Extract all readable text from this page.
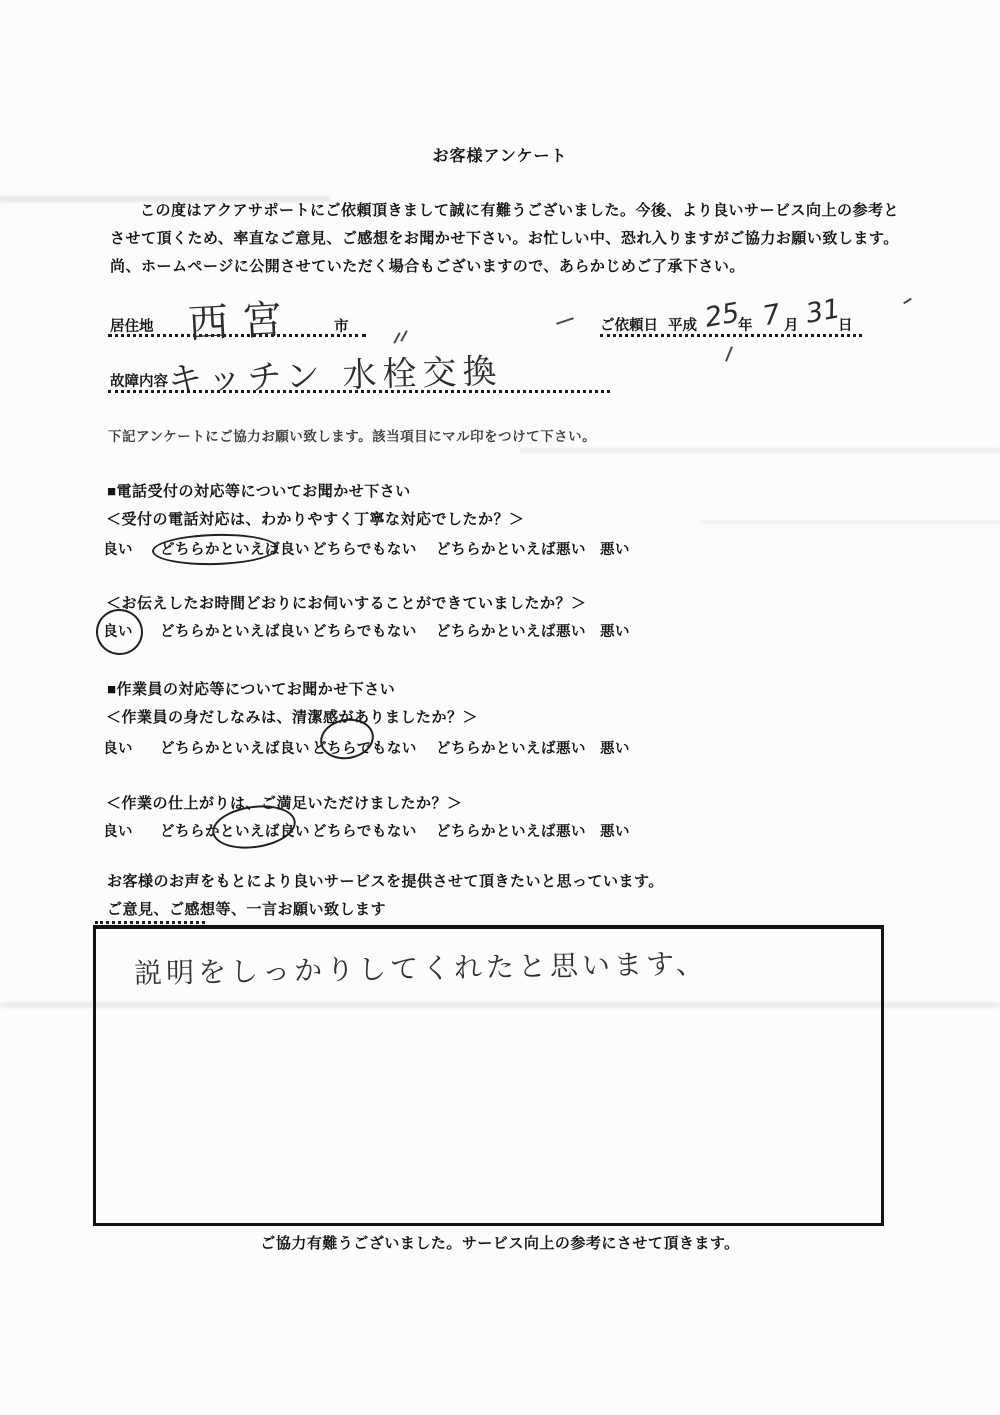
お客様アンケート
この度はアクアサポートにご依頼頂きまして誠に有難うございました。今後、より良いサービス向上の参考と
させて頂くため、率直なご意見、ご感想をお聞かせ下さい。お忙しい中、恐れ入りますがご協力お願い致します。
尚、ホームページに公開させていただく場合もございますので、あらかじめご了承下さい。
居住地 西宮	市	ご依頼日 平成 25
年 7 月 31
日
故障内容 キッチン 水栓交換
下記アンケートにご協力お願い致します。該当項目にマル印をつけて下さい。
■電話受付の対応等についてお聞かせ下さい
＜受付の電話対応は、わかりやすく丁寧な対応でしたか？＞
良い どちらかといえば良い どちらでもない どちらかといえば悪い 悪い
＜お伝えしたお時間どおりにお伺いすることができていましたか？＞
良い どちらかといえば良い どちらでもない どちらかといえば悪い 悪い
■作業員の対応等についてお聞かせ下さい
＜作業員の身だしなみは、清潔感がありましたか？＞
良い どちらかといえば良い どちらでもない どちらかといえば悪い 悪い
＜作業の仕上がりは、ご満足いただけましたか？＞
良い どちらかといえば良い どちらでもない どちらかといえば悪い 悪い
お客様のお声をもとにより良いサービスを提供させて頂きたいと思っています。
ご意見、ご感想等、一言お願い致します
説明をしっかりしてくれたと思います、
ご協力有難うございました。サービス向上の参考にさせて頂きます。
